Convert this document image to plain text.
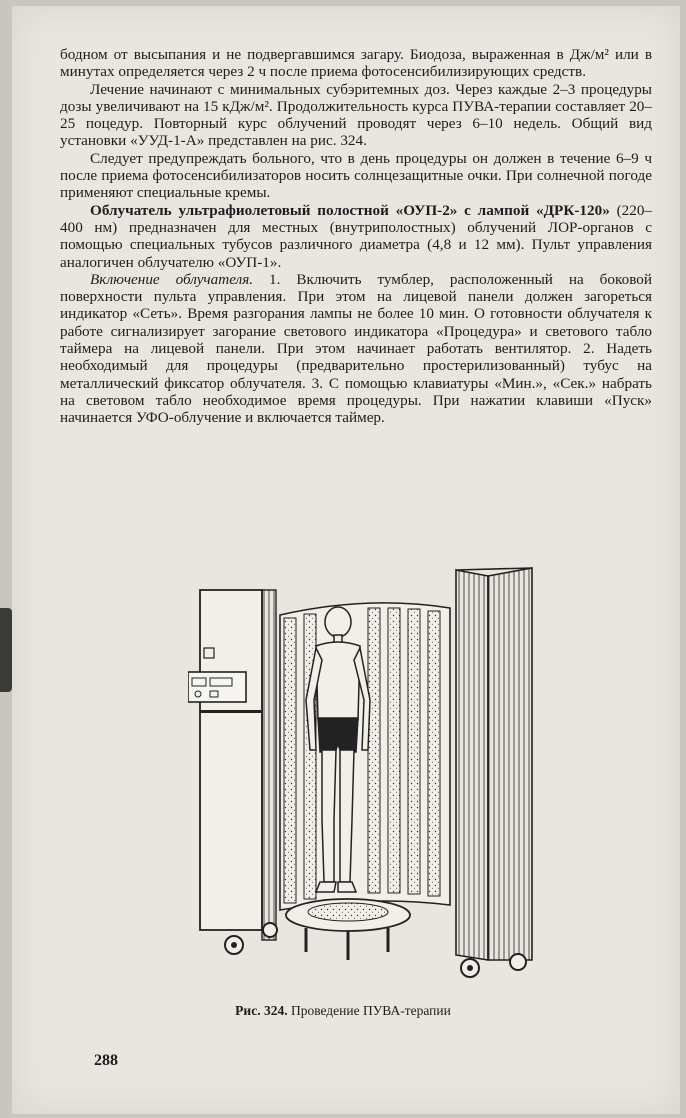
бодном от высыпания и не подвергавшимся загару. Биодоза, выраженная в Дж/м² или в минутах определяется через 2 ч после приема фотосенсибилизирующих средств.

Лечение начинают с минимальных субэритемных доз. Через каждые 2–3 процедуры дозы увеличивают на 15 кДж/м². Продолжительность курса ПУВА-терапии составляет 20–25 поцедур. Повторный курс облучений проводят через 6–10 недель. Общий вид установки «УУД-1-А» представлен на рис. 324.

Следует предупреждать больного, что в день процедуры он должен в течение 6–9 ч после приема фотосенсибилизаторов носить солнцезащитные очки. При солнечной погоде применяют специальные кремы.

Облучатель ультрафиолетовый полостной «ОУП-2» с лампой «ДРК-120» (220–400 нм) предназначен для местных (внутриполостных) облучений ЛОР-органов с помощью специальных тубусов различного диаметра (4,8 и 12 мм). Пульт управления аналогичен облучателю «ОУП-1».

Включение облучателя. 1. Включить тумблер, расположенный на боковой поверхности пульта управления. При этом на лицевой панели должен загореться индикатор «Сеть». Время разгорания лампы не более 10 мин. О готовности облучателя к работе сигнализирует загорание светового индикатора «Процедура» и светового табло таймера на лицевой панели. При этом начинает работать вентилятор. 2. Надеть необходимый для процедуры (предварительно простерилизованный) тубус на металлический фиксатор облучателя. 3. С помощью клавиатуры «Мин.», «Сек.» набрать на световом табло необходимое время процедуры. При нажатии клавиши «Пуск» начинается УФО-облучение и включается таймер.

Рис. 324. Проведение ПУВА-терапии
288
